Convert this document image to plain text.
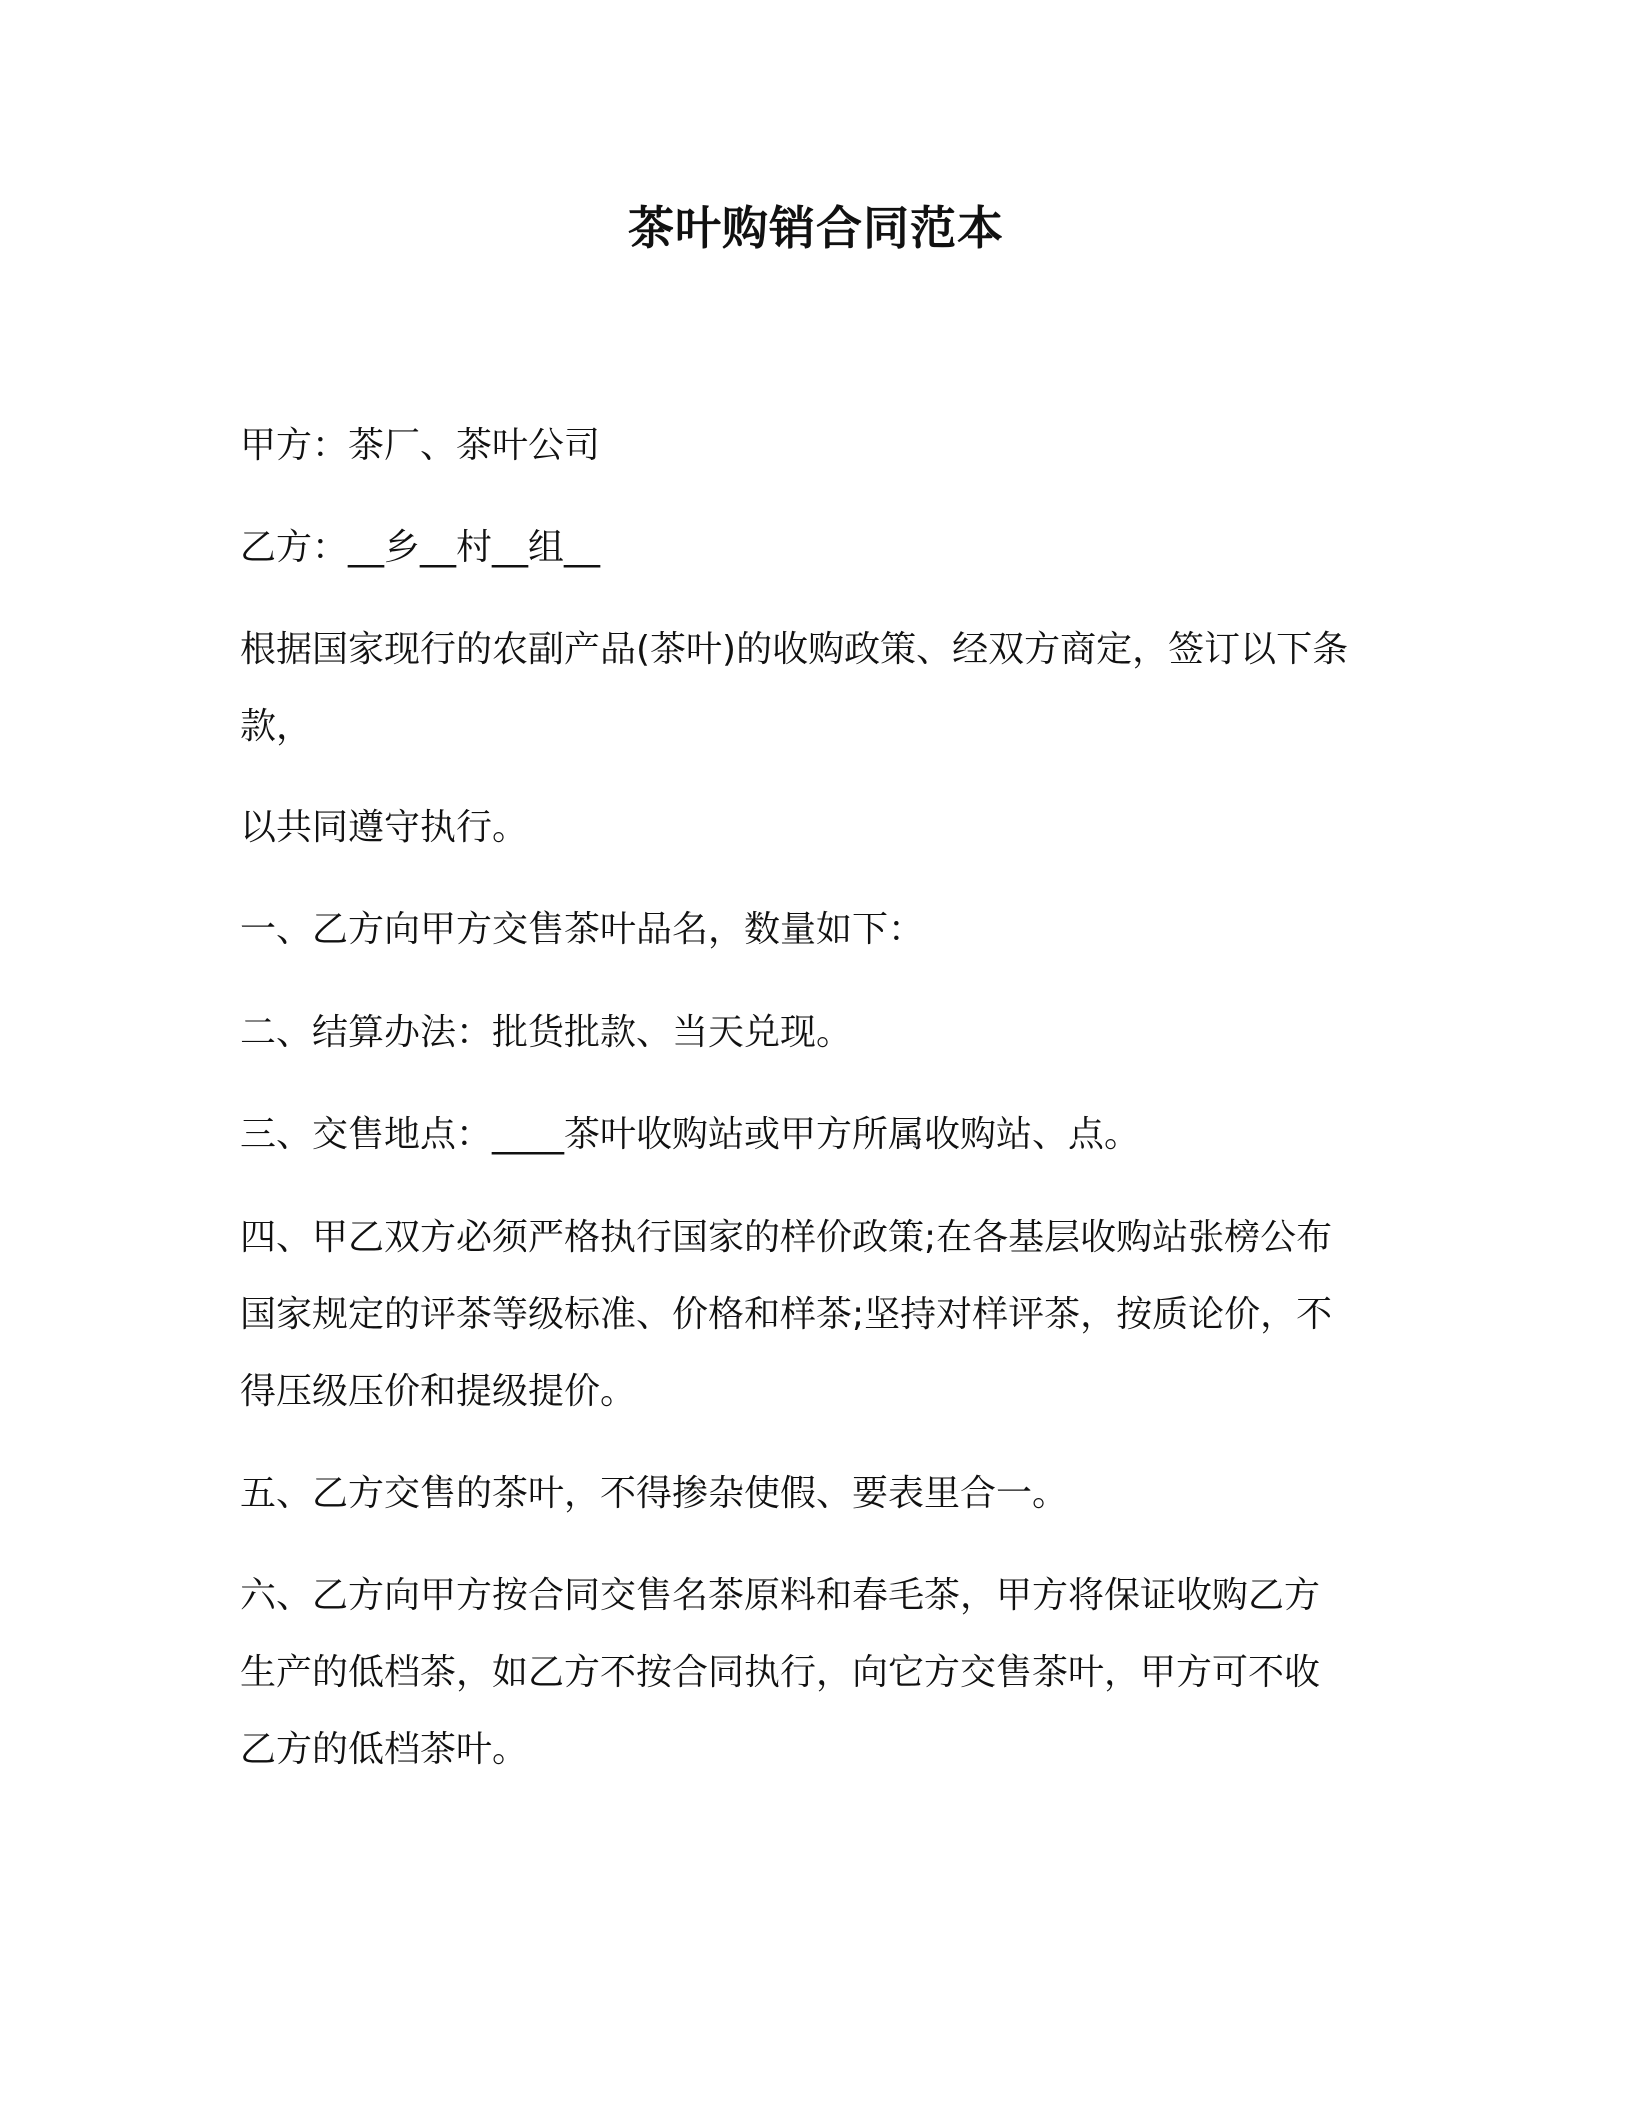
茶叶购销合同范本

甲方：茶厂、茶叶公司

乙方：__乡__村__组__

根据国家现行的农副产品(茶叶)的收购政策、经双方商定，签订以下条

款，

以共同遵守执行。

一、乙方向甲方交售茶叶品名，数量如下：

二、结算办法：批货批款、当天兑现。

三、交售地点：____茶叶收购站或甲方所属收购站、点。

四、甲乙双方必须严格执行国家的样价政策;在各基层收购站张榜公布

国家规定的评茶等级标准、价格和样茶;坚持对样评茶，按质论价，不

得压级压价和提级提价。

五、乙方交售的茶叶，不得掺杂使假、要表里合一。

六、乙方向甲方按合同交售名茶原料和春毛茶，甲方将保证收购乙方

生产的低档茶，如乙方不按合同执行，向它方交售茶叶，甲方可不收

乙方的低档茶叶。
